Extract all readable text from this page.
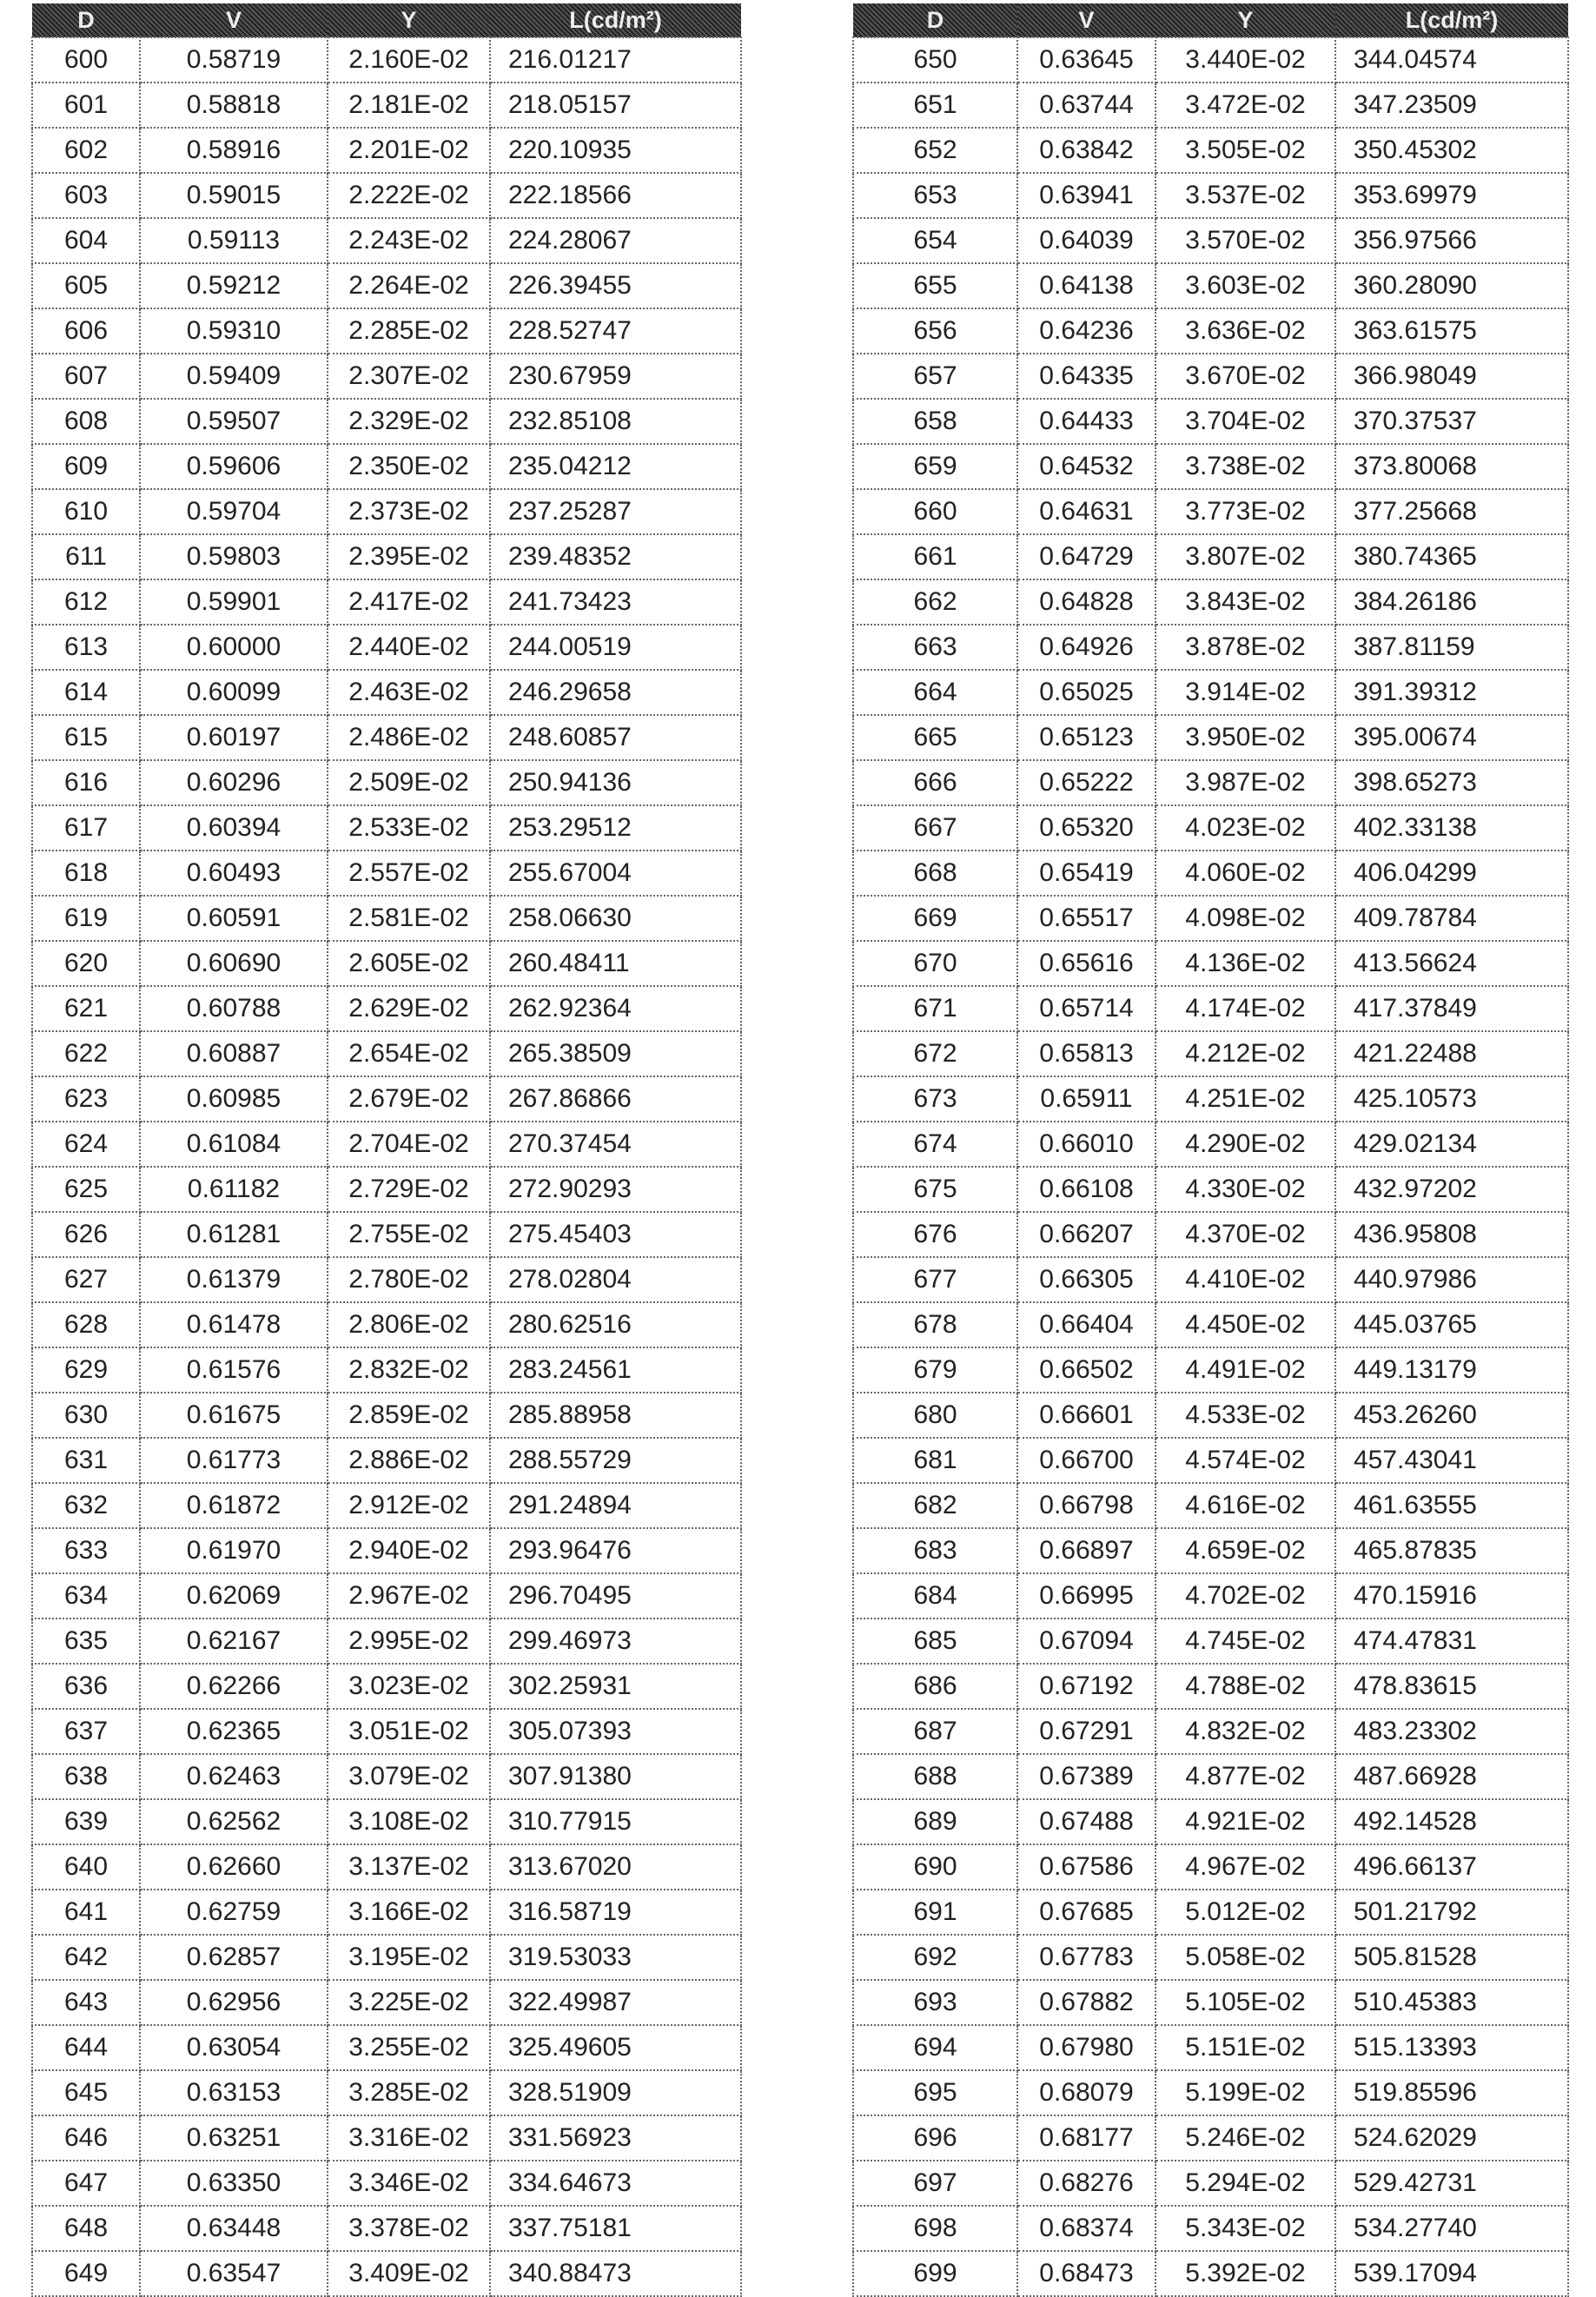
D	V	Y	L(cd/m²)
600	0.58719	2.160E-02	216.01217
601	0.58818	2.181E-02	218.05157
602	0.58916	2.201E-02	220.10935
603	0.59015	2.222E-02	222.18566
604	0.59113	2.243E-02	224.28067
605	0.59212	2.264E-02	226.39455
606	0.59310	2.285E-02	228.52747
607	0.59409	2.307E-02	230.67959
608	0.59507	2.329E-02	232.85108
609	0.59606	2.350E-02	235.04212
610	0.59704	2.373E-02	237.25287
611	0.59803	2.395E-02	239.48352
612	0.59901	2.417E-02	241.73423
613	0.60000	2.440E-02	244.00519
614	0.60099	2.463E-02	246.29658
615	0.60197	2.486E-02	248.60857
616	0.60296	2.509E-02	250.94136
617	0.60394	2.533E-02	253.29512
618	0.60493	2.557E-02	255.67004
619	0.60591	2.581E-02	258.06630
620	0.60690	2.605E-02	260.48411
621	0.60788	2.629E-02	262.92364
622	0.60887	2.654E-02	265.38509
623	0.60985	2.679E-02	267.86866
624	0.61084	2.704E-02	270.37454
625	0.61182	2.729E-02	272.90293
626	0.61281	2.755E-02	275.45403
627	0.61379	2.780E-02	278.02804
628	0.61478	2.806E-02	280.62516
629	0.61576	2.832E-02	283.24561
630	0.61675	2.859E-02	285.88958
631	0.61773	2.886E-02	288.55729
632	0.61872	2.912E-02	291.24894
633	0.61970	2.940E-02	293.96476
634	0.62069	2.967E-02	296.70495
635	0.62167	2.995E-02	299.46973
636	0.62266	3.023E-02	302.25931
637	0.62365	3.051E-02	305.07393
638	0.62463	3.079E-02	307.91380
639	0.62562	3.108E-02	310.77915
640	0.62660	3.137E-02	313.67020
641	0.62759	3.166E-02	316.58719
642	0.62857	3.195E-02	319.53033
643	0.62956	3.225E-02	322.49987
644	0.63054	3.255E-02	325.49605
645	0.63153	3.285E-02	328.51909
646	0.63251	3.316E-02	331.56923
647	0.63350	3.346E-02	334.64673
648	0.63448	3.378E-02	337.75181
649	0.63547	3.409E-02	340.88473
D	V	Y	L(cd/m²)
650	0.63645	3.440E-02	344.04574
651	0.63744	3.472E-02	347.23509
652	0.63842	3.505E-02	350.45302
653	0.63941	3.537E-02	353.69979
654	0.64039	3.570E-02	356.97566
655	0.64138	3.603E-02	360.28090
656	0.64236	3.636E-02	363.61575
657	0.64335	3.670E-02	366.98049
658	0.64433	3.704E-02	370.37537
659	0.64532	3.738E-02	373.80068
660	0.64631	3.773E-02	377.25668
661	0.64729	3.807E-02	380.74365
662	0.64828	3.843E-02	384.26186
663	0.64926	3.878E-02	387.81159
664	0.65025	3.914E-02	391.39312
665	0.65123	3.950E-02	395.00674
666	0.65222	3.987E-02	398.65273
667	0.65320	4.023E-02	402.33138
668	0.65419	4.060E-02	406.04299
669	0.65517	4.098E-02	409.78784
670	0.65616	4.136E-02	413.56624
671	0.65714	4.174E-02	417.37849
672	0.65813	4.212E-02	421.22488
673	0.65911	4.251E-02	425.10573
674	0.66010	4.290E-02	429.02134
675	0.66108	4.330E-02	432.97202
676	0.66207	4.370E-02	436.95808
677	0.66305	4.410E-02	440.97986
678	0.66404	4.450E-02	445.03765
679	0.66502	4.491E-02	449.13179
680	0.66601	4.533E-02	453.26260
681	0.66700	4.574E-02	457.43041
682	0.66798	4.616E-02	461.63555
683	0.66897	4.659E-02	465.87835
684	0.66995	4.702E-02	470.15916
685	0.67094	4.745E-02	474.47831
686	0.67192	4.788E-02	478.83615
687	0.67291	4.832E-02	483.23302
688	0.67389	4.877E-02	487.66928
689	0.67488	4.921E-02	492.14528
690	0.67586	4.967E-02	496.66137
691	0.67685	5.012E-02	501.21792
692	0.67783	5.058E-02	505.81528
693	0.67882	5.105E-02	510.45383
694	0.67980	5.151E-02	515.13393
695	0.68079	5.199E-02	519.85596
696	0.68177	5.246E-02	524.62029
697	0.68276	5.294E-02	529.42731
698	0.68374	5.343E-02	534.27740
699	0.68473	5.392E-02	539.17094
